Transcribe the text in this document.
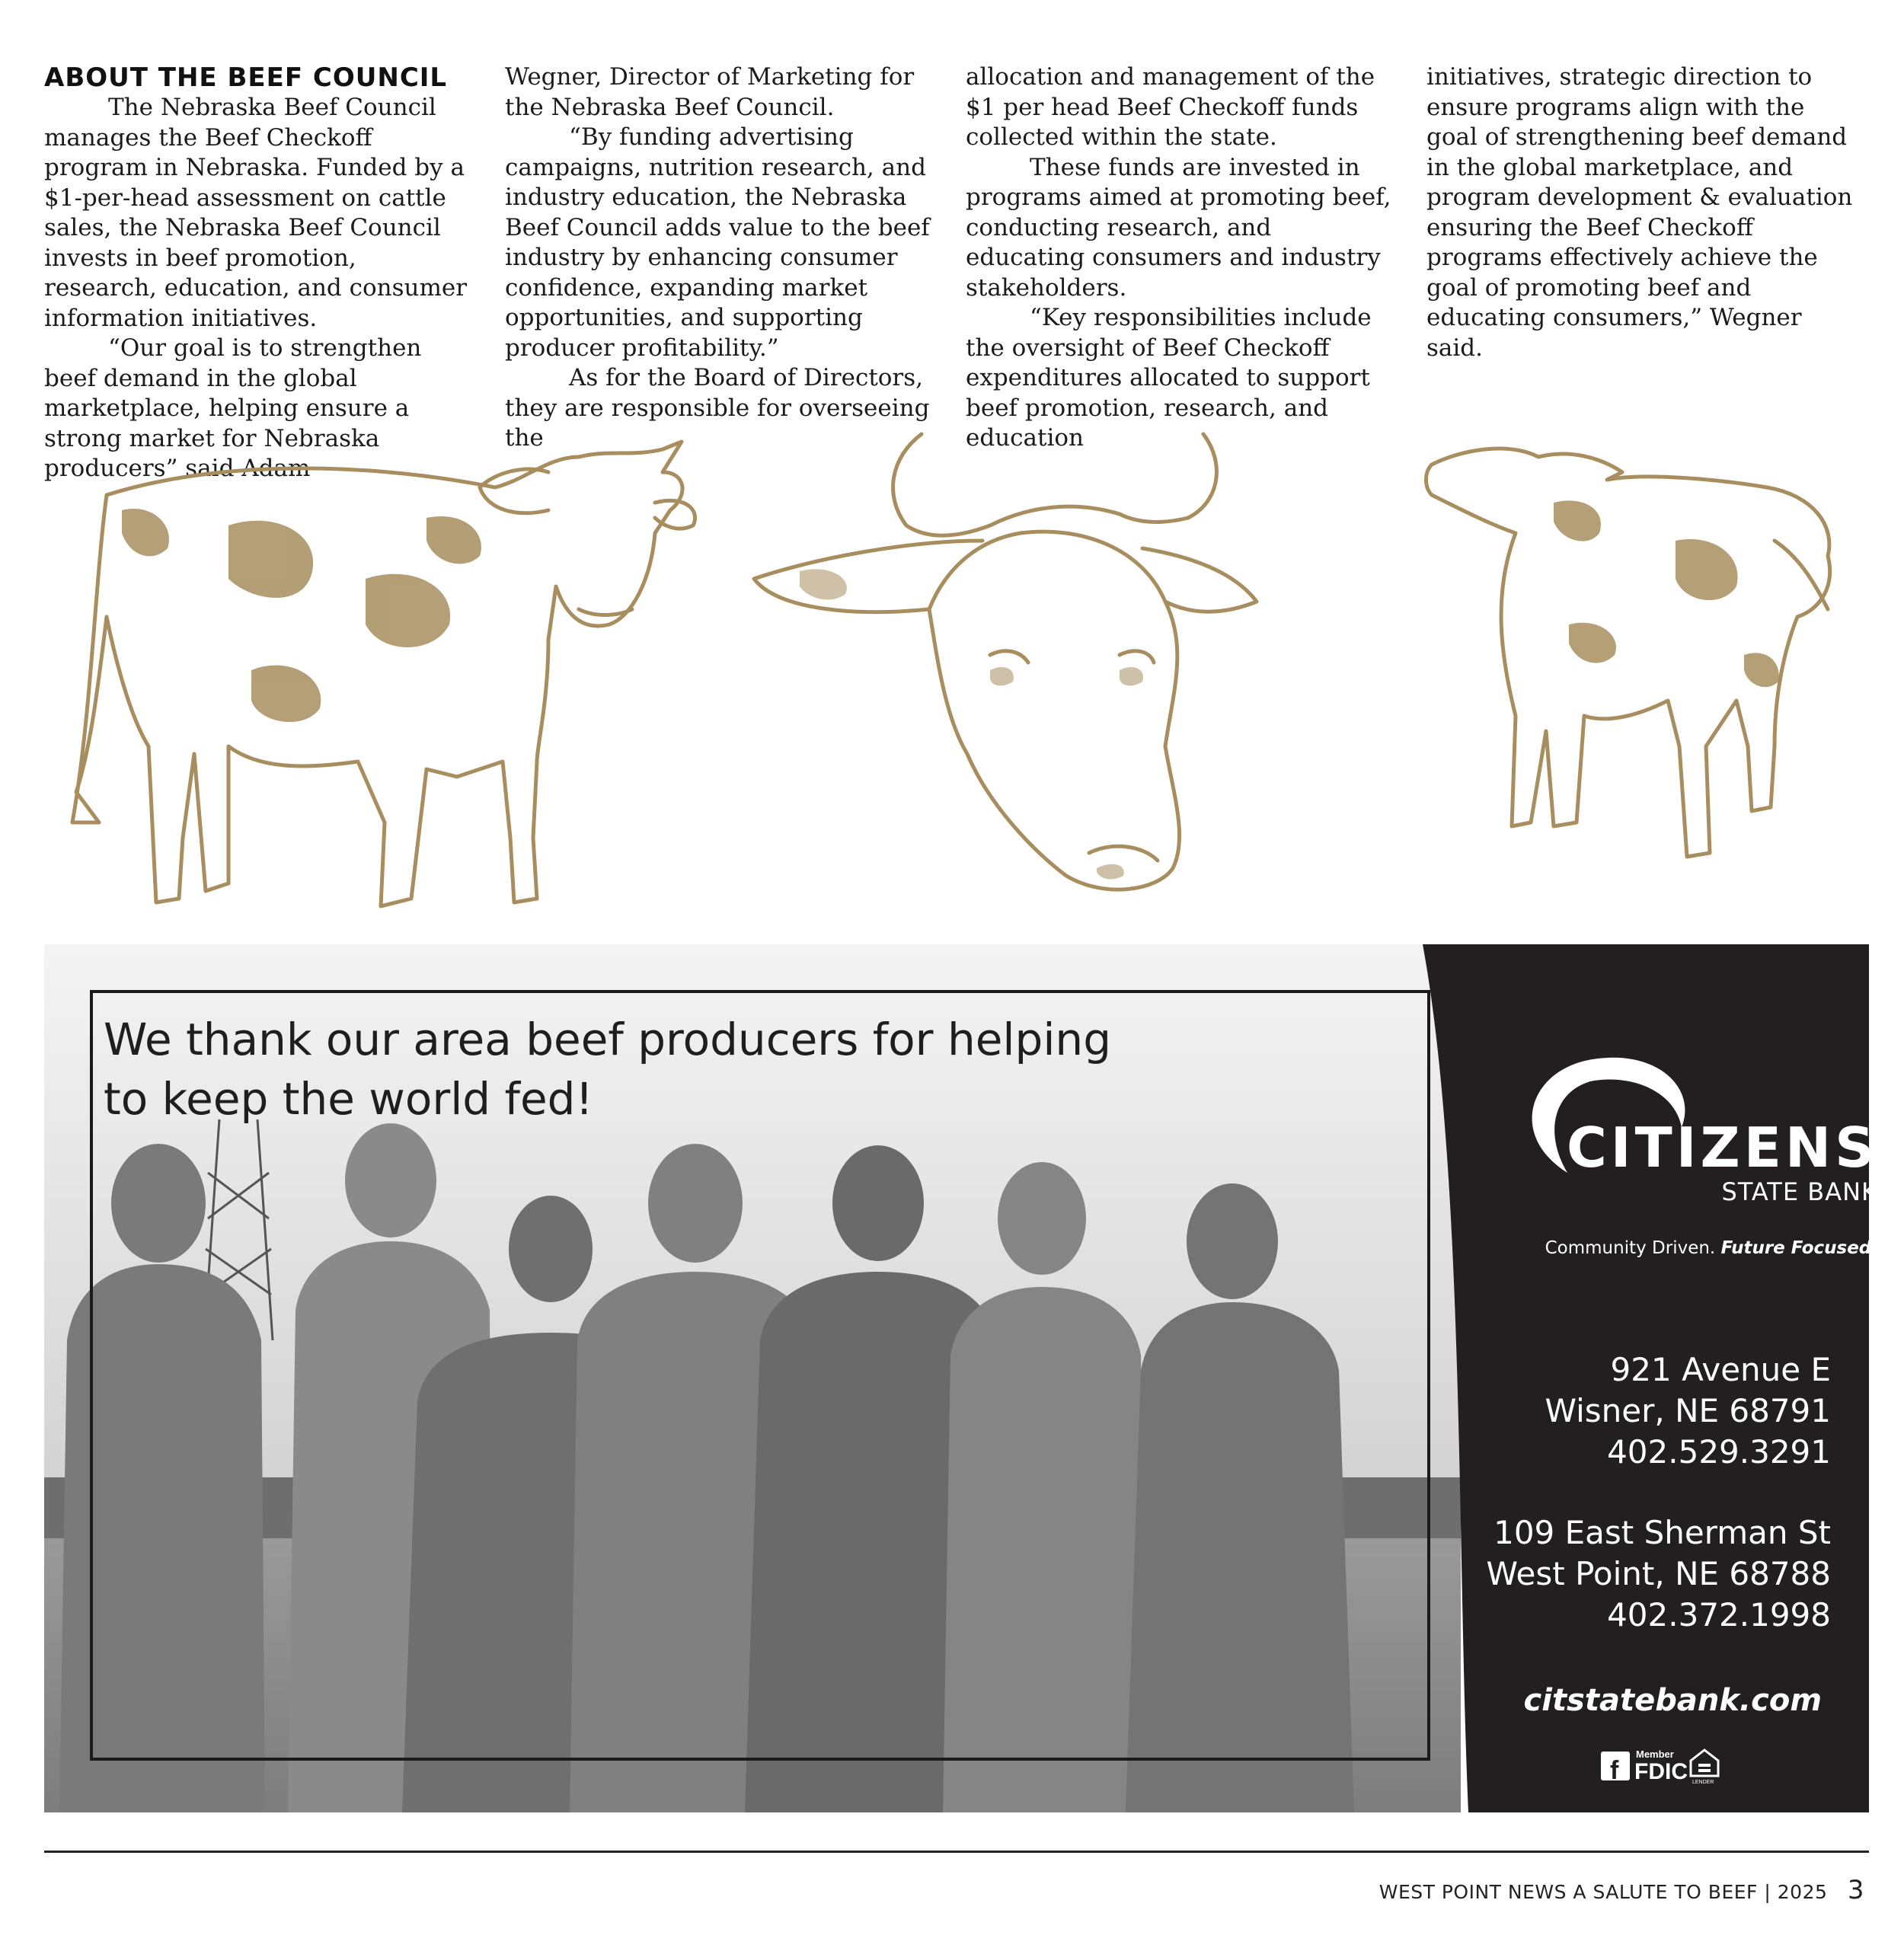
ABOUT THE BEEF COUNCIL

The Nebraska Beef Council manages the Beef Checkoff program in Nebraska. Funded by a $1-per-head assessment on cattle sales, the Nebraska Beef Council invests in beef promotion, research, education, and consumer information initiatives.

“Our goal is to strengthen beef demand in the global marketplace, helping ensure a strong market for Nebraska producers” said Adam

Wegner, Director of Marketing for the Nebraska Beef Council.

“By funding advertising campaigns, nutrition research, and industry education, the Nebraska Beef Council adds value to the beef industry by enhancing consumer confidence, expanding market opportunities, and supporting producer profitability.”

As for the Board of Directors, they are responsible for overseeing the

allocation and management of the $1 per head Beef Checkoff funds collected within the state.

These funds are invested in programs aimed at promoting beef, conducting research, and educating consumers and industry stakeholders.

“Key responsibilities include the oversight of Beef Checkoff expenditures allocated to support beef promotion, research, and education

initiatives, strategic direction to ensure programs align with the goal of strengthening beef demand in the global marketplace, and program development & evaluation ensuring the Beef Checkoff programs effectively achieve the goal of promoting beef and educating consumers,” Wegner said.

We thank our area beef producers for helping
to keep the world fed!
f
Member
FDIC LENDER
CITIZENS
STATE BANK
Community Driven. Future Focused.
921 Avenue E
Wisner, NE 68791
402.529.3291
109 East Sherman St
West Point, NE 68788
402.372.1998
citstatebank.com
WEST POINT NEWS A SALUTE TO BEEF | 2025 3
